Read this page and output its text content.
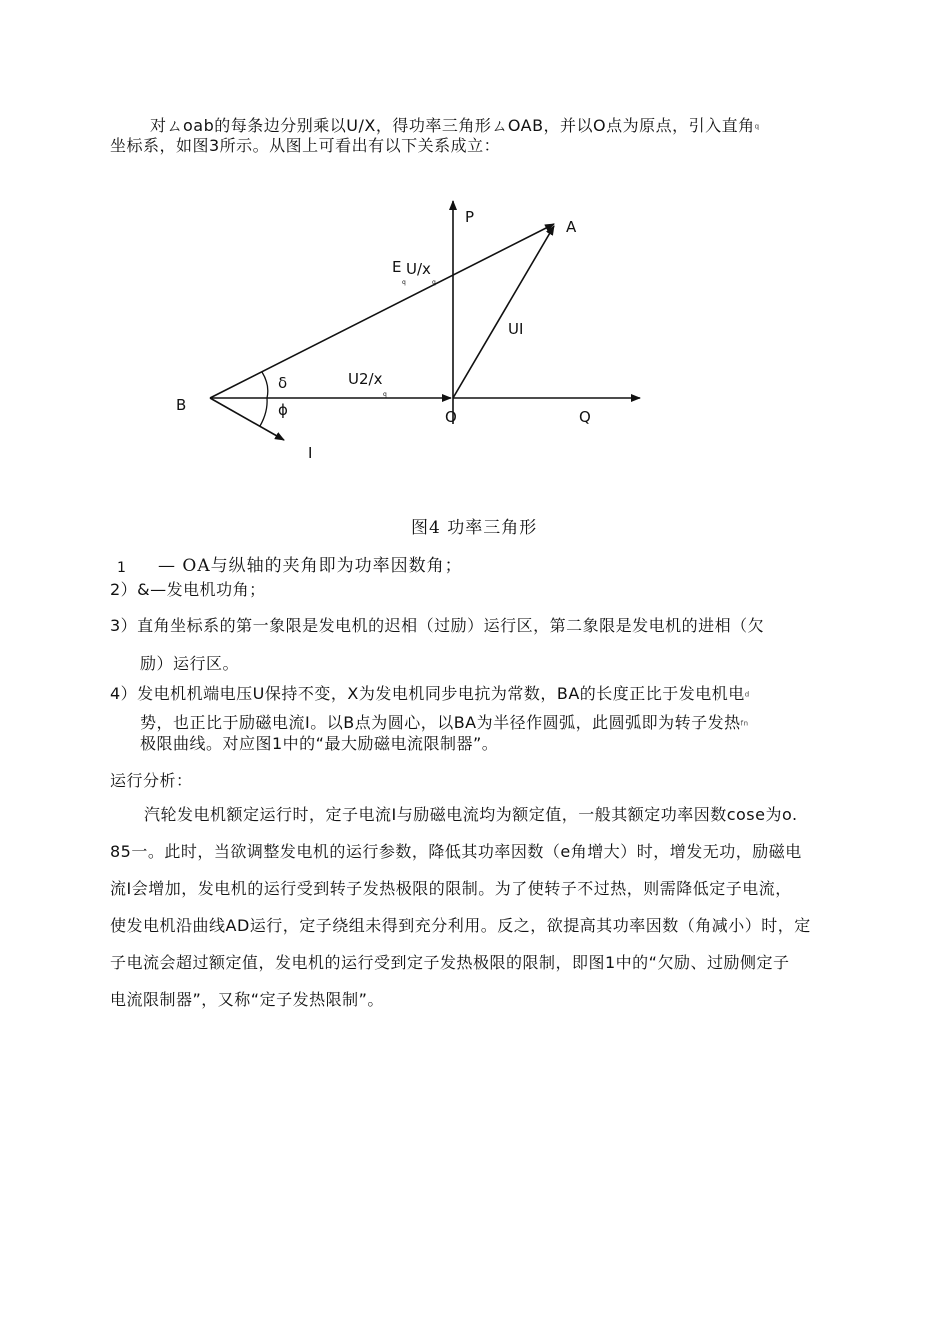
对ㄙoab的每条边分别乘以U/X，得功率三角形ㄙOAB，并以O点为原点，引入直角q
坐标系，如图3所示。从图上可看出有以下关系成立：
P
A
E
q
U/x
q
UI
δ	U2/x
q
B	ϕ	O	Q
I
图4 功率三角形
1 — OA与纵轴的夹角即为功率因数角；
2）&—发电机功角；
3）直角坐标系的第一象限是发电机的迟相（过励）运行区，第二象限是发电机的进相（欠
励）运行区。
4）发电机机端电压U保持不变，X为发电机同步电抗为常数，BA的长度正比于发电机电d
势，也正比于励磁电流I。以B点为圆心，以BA为半径作圆弧，此圆弧即为转子发热fn
极限曲线。对应图1中的“最大励磁电流限制器”。
运行分析：
汽轮发电机额定运行时，定子电流I与励磁电流均为额定值，一般其额定功率因数cose为o.
85一。此时，当欲调整发电机的运行参数，降低其功率因数（e角增大）时，增发无功，励磁电
流I会增加，发电机的运行受到转子发热极限的限制。为了使转子不过热，则需降低定子电流，
使发电机沿曲线AD运行，定子绕组未得到充分利用。反之，欲提高其功率因数（角减小）时，定
子电流会超过额定值，发电机的运行受到定子发热极限的限制，即图1中的“欠励、过励侧定子
电流限制器”，又称“定子发热限制”。
